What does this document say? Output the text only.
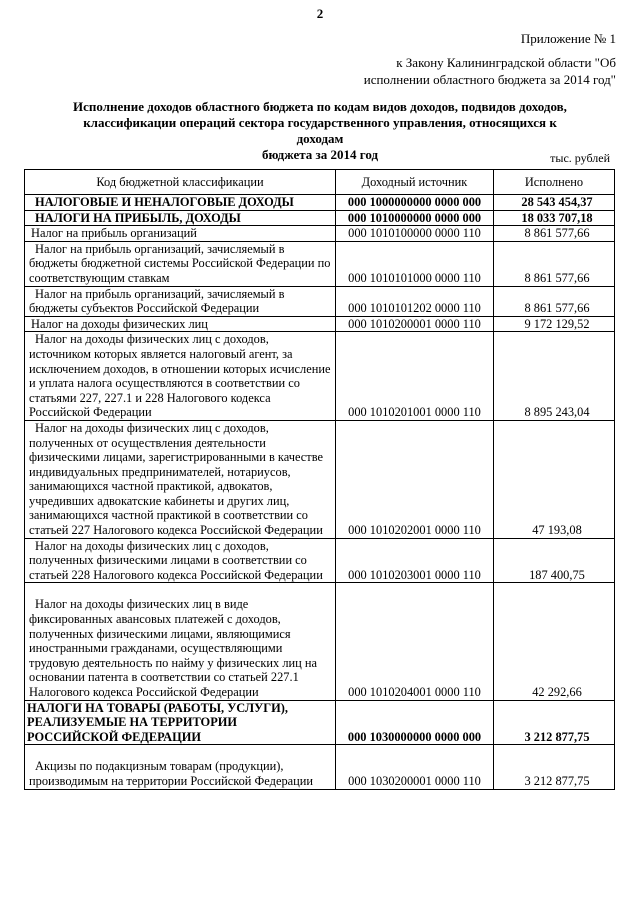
2
Приложение № 1
к Закону Калининградской области "Об
исполнении областного бюджета за 2014 год"
Исполнение доходов областного бюджета по кодам видов доходов, подвидов доходов,
классификации операций сектора государственного управления, относящихся к доходам
бюджета за 2014 год	тыс. рублей
Код бюджетной классификации	Доходный источник	Исполнено
НАЛОГОВЫЕ И НЕНАЛОГОВЫЕ ДОХОДЫ	000 1000000000 0000 000	28 543 454,37
НАЛОГИ НА ПРИБЫЛЬ, ДОХОДЫ	000 1010000000 0000 000	18 033 707,18
Налог на прибыль организаций	000 1010100000 0000 110	8 861 577,66
Налог на прибыль организаций, зачисляемый в бюджеты бюджетной системы Российской Федерации по соответствующим ставкам	000 1010101000 0000 110	8 861 577,66
Налог на прибыль организаций, зачисляемый в бюджеты субъектов Российской Федерации	000 1010101202 0000 110	8 861 577,66
Налог на доходы физических лиц	000 1010200001 0000 110	9 172 129,52
Налог на доходы физических лиц с доходов, источником которых является налоговый агент, за исключением доходов, в отношении которых исчисление и уплата налога осуществляются в соответствии со статьями 227, 227.1 и 228 Налогового кодекса Российской Федерации	000 1010201001 0000 110	8 895 243,04
Налог на доходы физических лиц с доходов, полученных от осуществления деятельности физическими лицами, зарегистрированными в качестве индивидуальных предпринимателей, нотариусов, занимающихся частной практикой, адвокатов, учредивших адвокатские кабинеты и других лиц, занимающихся частной практикой в соответствии со статьей 227 Налогового кодекса Российской Федерации	000 1010202001 0000 110	47 193,08
Налог на доходы физических лиц с доходов, полученных физическими лицами в соответствии со статьей 228 Налогового кодекса Российской Федерации	000 1010203001 0000 110	187 400,75
Налог на доходы физических лиц в виде фиксированных авансовых платежей с доходов, полученных физическими лицами, являющимися иностранными гражданами, осуществляющими трудовую деятельность по найму у физических лиц на основании патента в соответствии со статьей 227.1 Налогового кодекса Российской Федерации	000 1010204001 0000 110	42 292,66
НАЛОГИ НА ТОВАРЫ (РАБОТЫ, УСЛУГИ), РЕАЛИЗУЕМЫЕ НА ТЕРРИТОРИИ РОССИЙСКОЙ ФЕДЕРАЦИИ	000 1030000000 0000 000	3 212 877,75
Акцизы по подакцизным товарам (продукции), производимым на территории Российской Федерации	000 1030200001 0000 110	3 212 877,75
